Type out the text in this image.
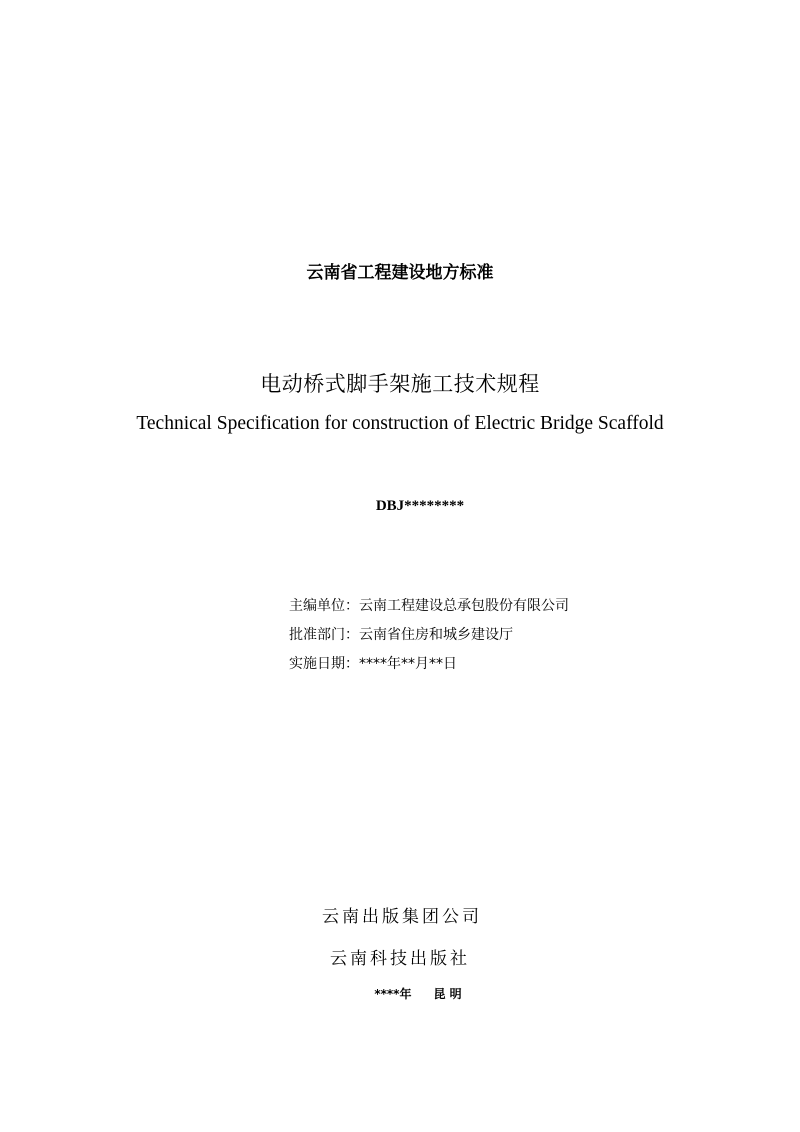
云南省工程建设地方标准
电动桥式脚手架施工技术规程
Technical Specification for construction of Electric Bridge Scaffold
DBJ********
主编单位：云南工程建设总承包股份有限公司
批准部门：云南省住房和城乡建设厅
实施日期：****年**月**日
云南出版集团公司
云南科技出版社
****年 昆 明
